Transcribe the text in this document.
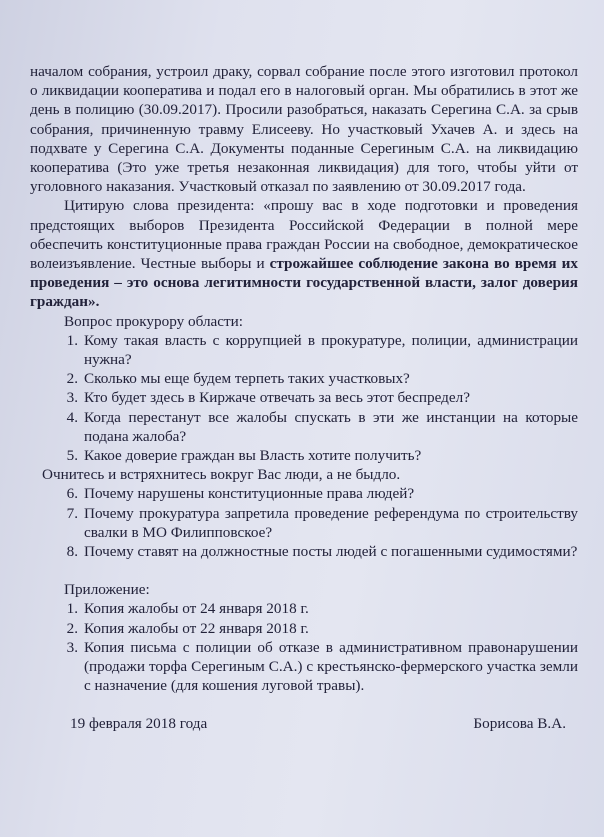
началом собрания, устроил драку, сорвал собрание после этого изготовил протокол о ликвидации кооператива и подал его в налоговый орган. Мы обратились в этот же день в полицию (30.09.2017). Просили разобраться, наказать Серегина С.А. за срыв собрания, причиненную травму Елисееву. Но участковый Ухачев А. и здесь на подхвате у Серегина С.А. Документы поданные Серегиным С.А. на ликвидацию кооператива (Это уже третья незаконная ликвидация) для того, чтобы уйти от уголовного наказания. Участковый отказал по заявлению от 30.09.2017 года.

Цитирую слова президента: «прошу вас в ходе подготовки и проведения предстоящих выборов Президента Российской Федерации в полной мере обеспечить конституционные права граждан России на свободное, демократическое волеизъявление. Честные выборы и строжайшее соблюдение закона во время их проведения – это основа легитимности государственной власти, залог доверия граждан».

Вопрос прокурору области:

1. Кому такая власть с коррупцией в прокуратуре, полиции, администрации нужна?
2. Сколько мы еще будем терпеть таких участковых?
3. Кто будет здесь в Киржаче отвечать за весь этот беспредел?
4. Когда перестанут все жалобы спускать в эти же инстанции на которые подана жалоба?
5. Какое доверие граждан вы Власть хотите получить?

Очнитесь и встряхнитесь вокруг Вас люди, а не быдло.

6. Почему нарушены конституционные права людей?
7. Почему прокуратура запретила проведение референдума по строительству свалки в МО Филипповское?
8. Почему ставят на должностные посты людей с погашенными судимостями?

Приложение:

1. Копия жалобы от 24 января 2018 г.
2. Копия жалобы от 22 января 2018 г.
3. Копия письма с полиции об отказе в административном правонарушении (продажи торфа Серегиным С.А.) с крестьянско-фермерского участка земли с назначение (для кошения луговой травы).
19 февраля 2018 года	Борисова В.А.
